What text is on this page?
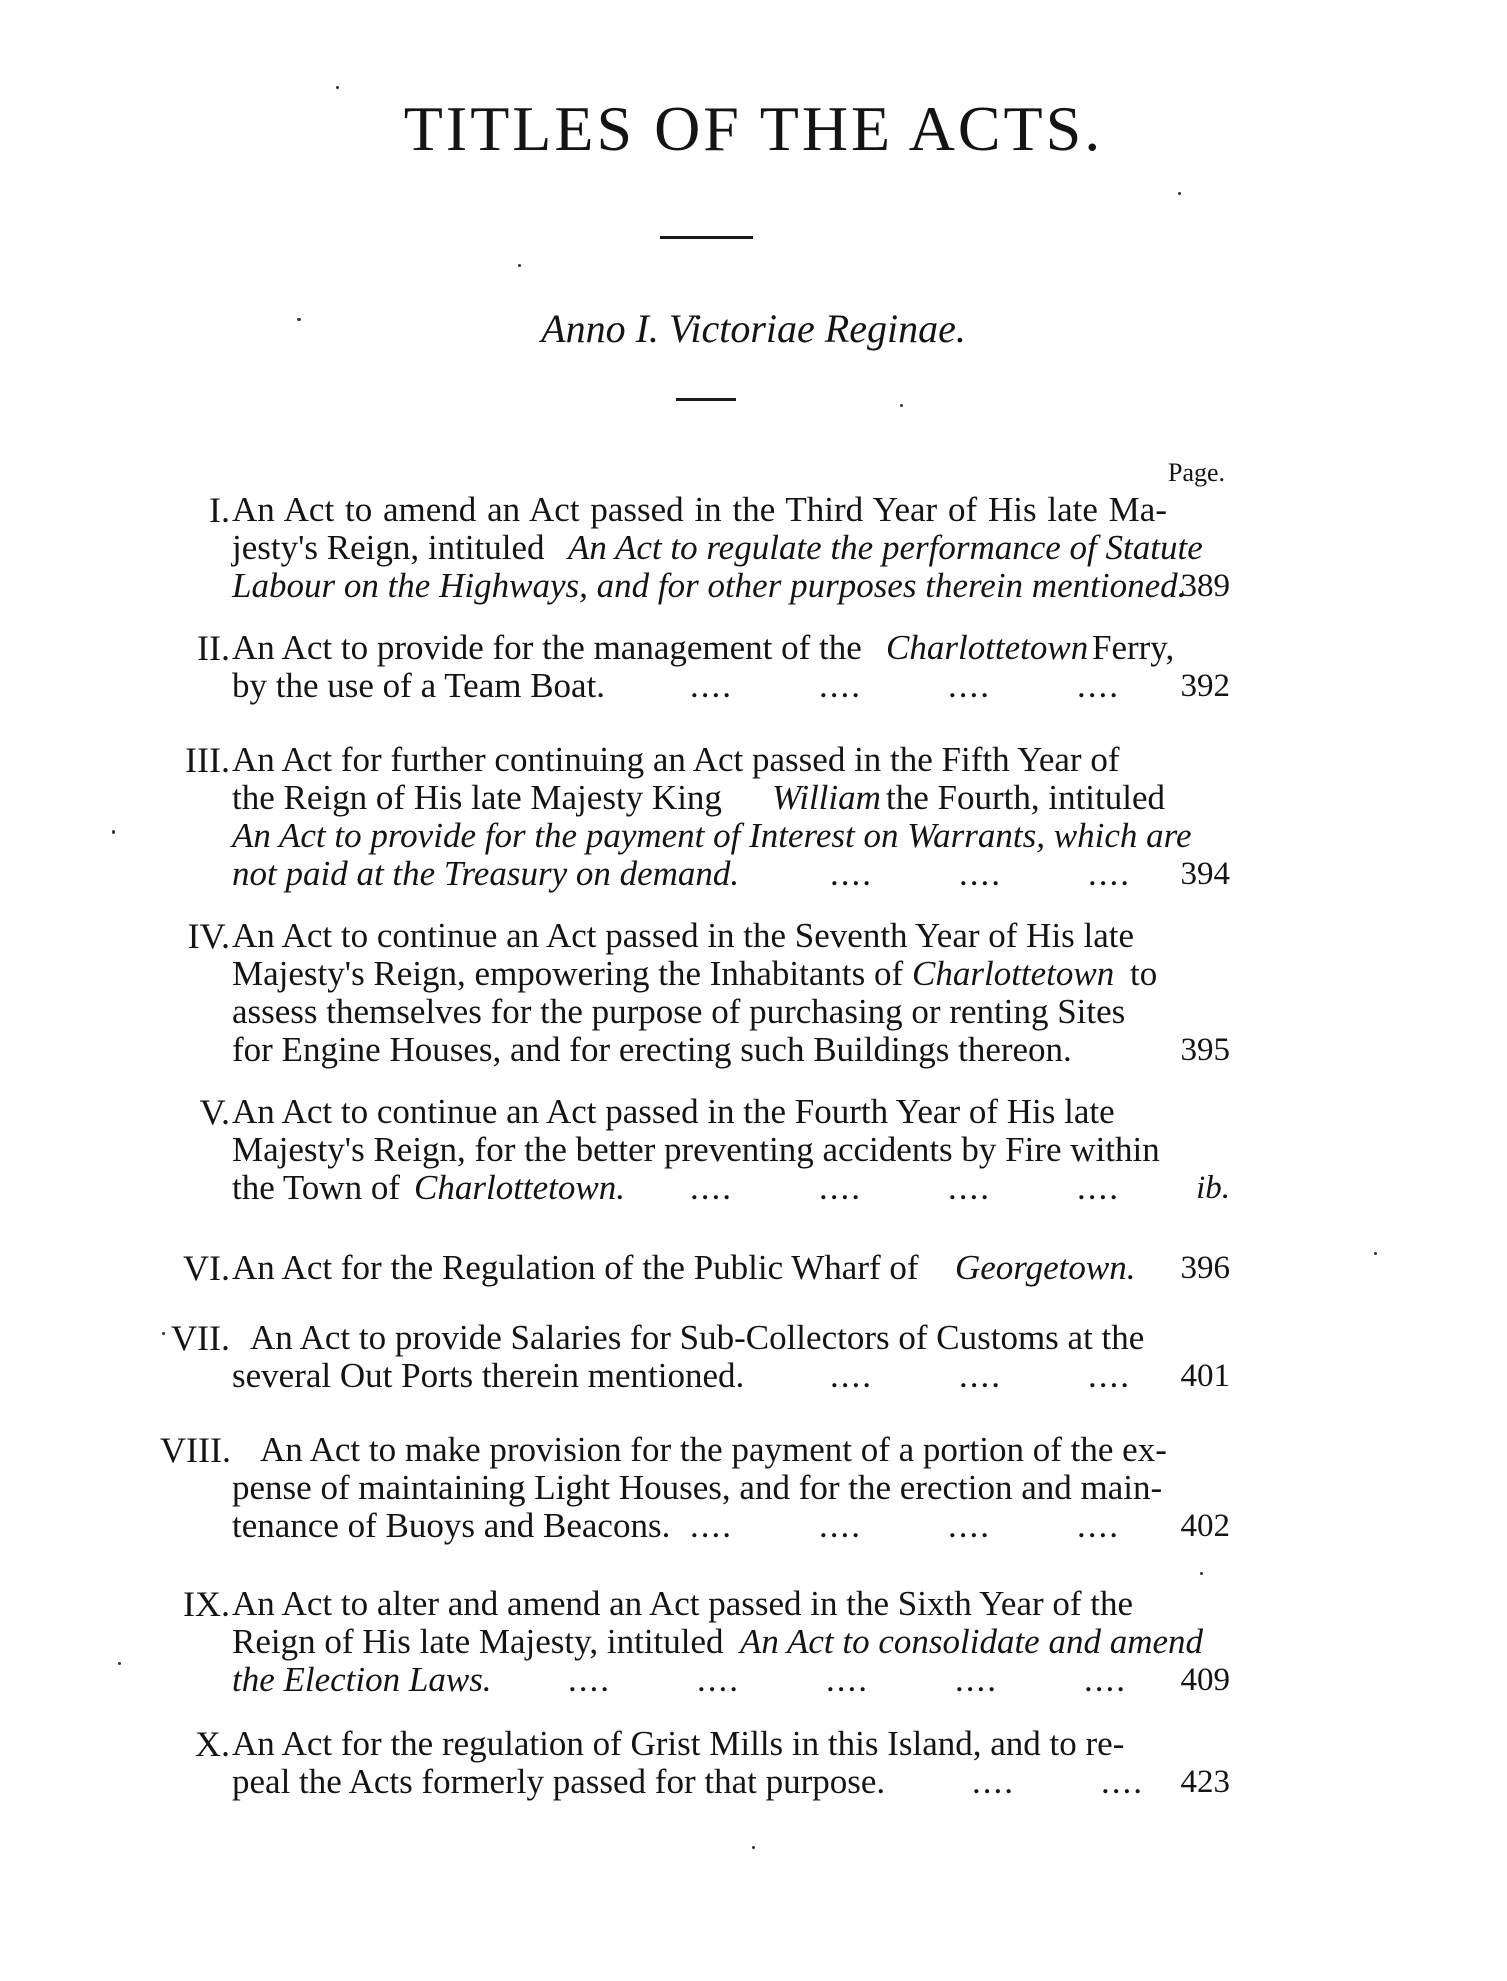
TITLES OF THE ACTS.
Anno I. Victoriae Reginae.
Page.
I. An Act to amend an Act passed in the Third Year of His late Ma-
jesty's Reign, intituled An Act to regulate the performance of Statute
Labour on the Highways, and for other purposes therein mentioned.
389
II. An Act to provide for the management of the Charlottetown Ferry,
by the use of a Team Boat. ....        ....        ....        ....	392
III. An Act for further continuing an Act passed in the Fifth Year of
the Reign of His late Majesty King William the Fourth, intituled
An Act to provide for the payment of Interest on Warrants, which are
not paid at the Treasury on demand.	....        ....        ....	394
IV. An Act to continue an Act passed in the Seventh Year of His late
Majesty's Reign, empowering the Inhabitants of Charlottetown to
assess themselves for the purpose of purchasing or renting Sites
for Engine Houses, and for erecting such Buildings thereon.	395
V. An Act to continue an Act passed in the Fourth Year of His late
Majesty's Reign, for the better preventing accidents by Fire within
the Town of Charlottetown. ....        ....        ....        ....	ib.
VI. An Act for the Regulation of the Public Wharf of Georgetown.	396
VII. An Act to provide Salaries for Sub-Collectors of Customs at the
several Out Ports therein mentioned. ....        ....        ....	401
VIII. An Act to make provision for the payment of a portion of the ex-
pense of maintaining Light Houses, and for the erection and main-
tenance of Buoys and Beacons. ....        ....        ....        ....	402
IX. An Act to alter and amend an Act passed in the Sixth Year of the
Reign of His late Majesty, intituled An Act to consolidate and amend
the Election Laws. ....        ....        ....        ....        ....	409
X. An Act for the regulation of Grist Mills in this Island, and to re-
peal the Acts formerly passed for that purpose. ....        ....	423
